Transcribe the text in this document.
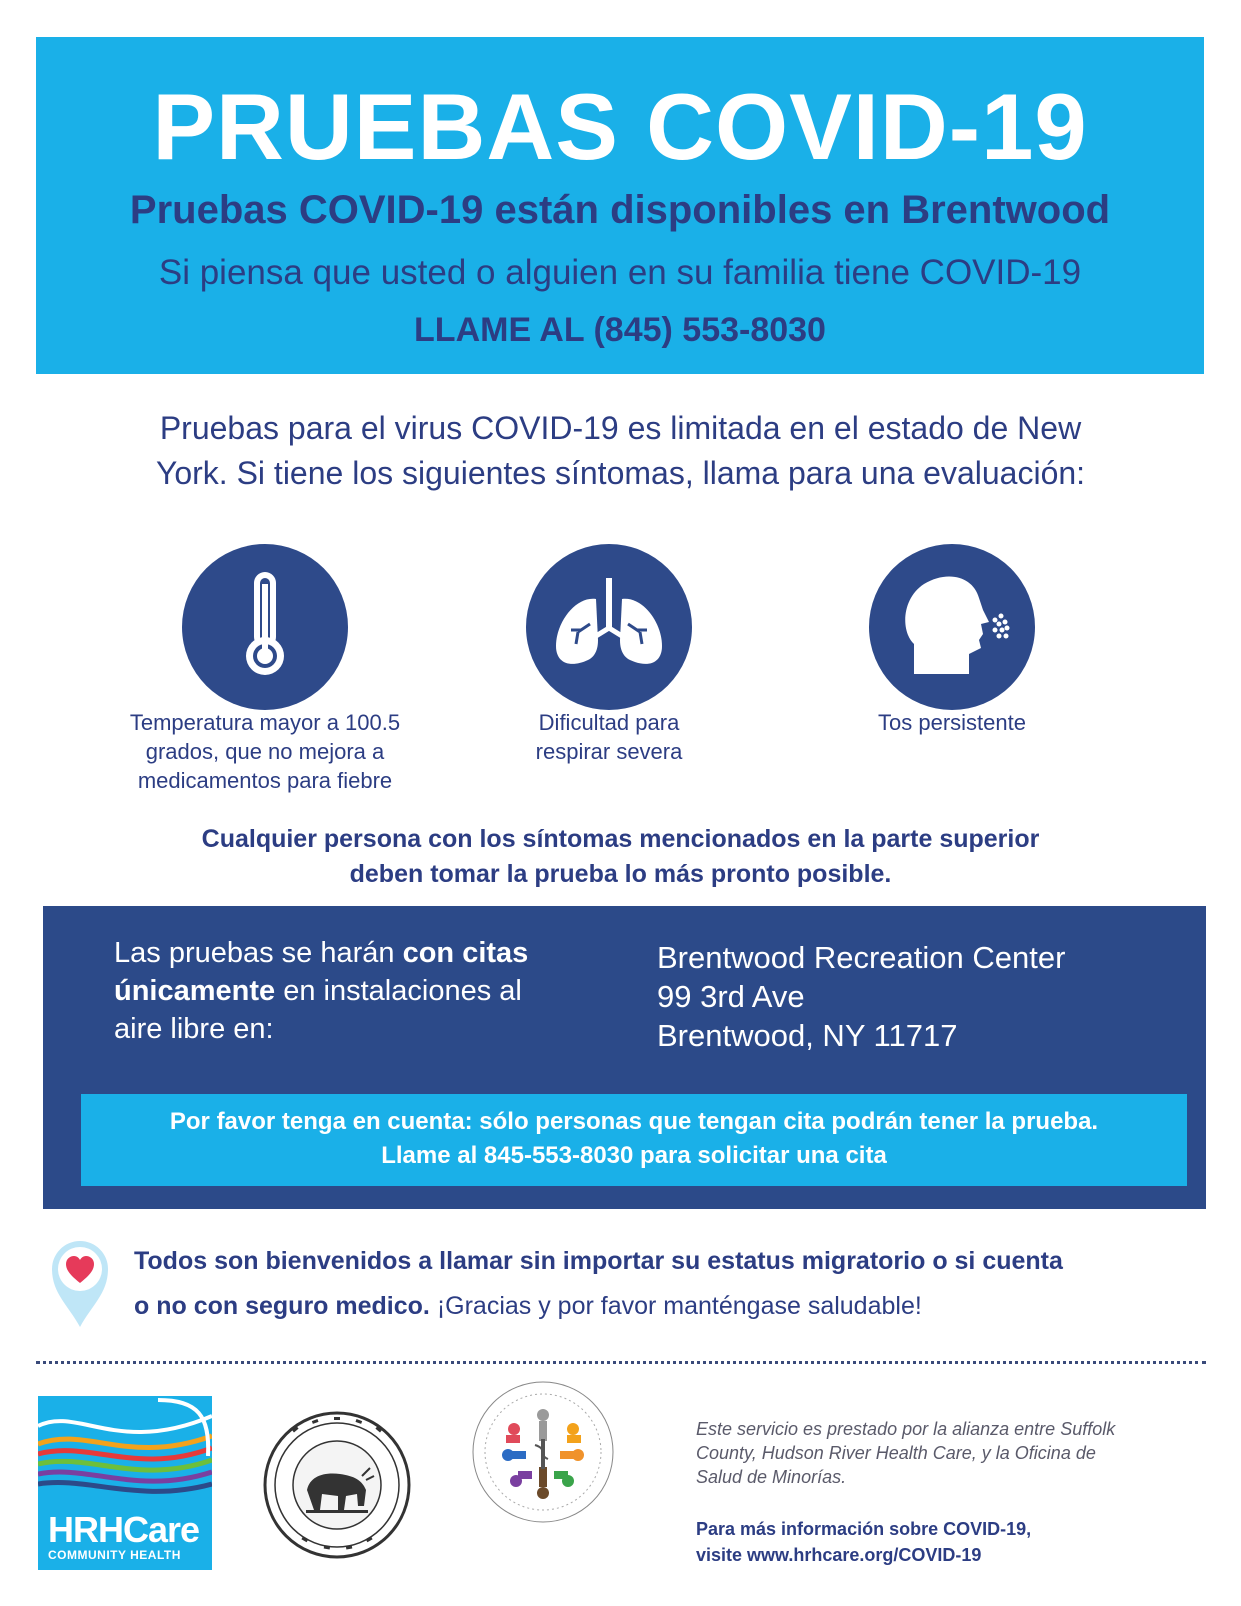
PRUEBAS COVID-19
Pruebas COVID-19 están disponibles en Brentwood
Si piensa que usted o alguien en su familia tiene COVID-19
LLAME AL (845) 553-8030
Pruebas para el virus COVID-19 es limitada en el estado de New
York. Si tiene los siguientes síntomas, llama para una evaluación:
Temperatura mayor a 100.5
grados, que no mejora a
medicamentos para fiebre
Dificultad para
respirar severa
Tos persistente
Cualquier persona con los síntomas mencionados en la parte superior
deben tomar la prueba lo más pronto posible.
Las pruebas se harán con citas
únicamente en instalaciones al
aire libre en:
Brentwood Recreation Center
99 3rd Ave
Brentwood, NY 11717
Por favor tenga en cuenta: sólo personas que tengan cita podrán tener la prueba.
Llame al 845-553-8030 para solicitar una cita
Todos son bienvenidos a llamar sin importar su estatus migratorio o si cuenta
o no con seguro medico. ¡Gracias y por favor manténgase saludable!
HRHCare
COMMUNITY HEALTH
Este servicio es prestado por la alianza entre Suffolk
County, Hudson River Health Care, y la Oficina de
Salud de Minorías.
Para más información sobre COVID-19,
visite www.hrhcare.org/COVID-19
